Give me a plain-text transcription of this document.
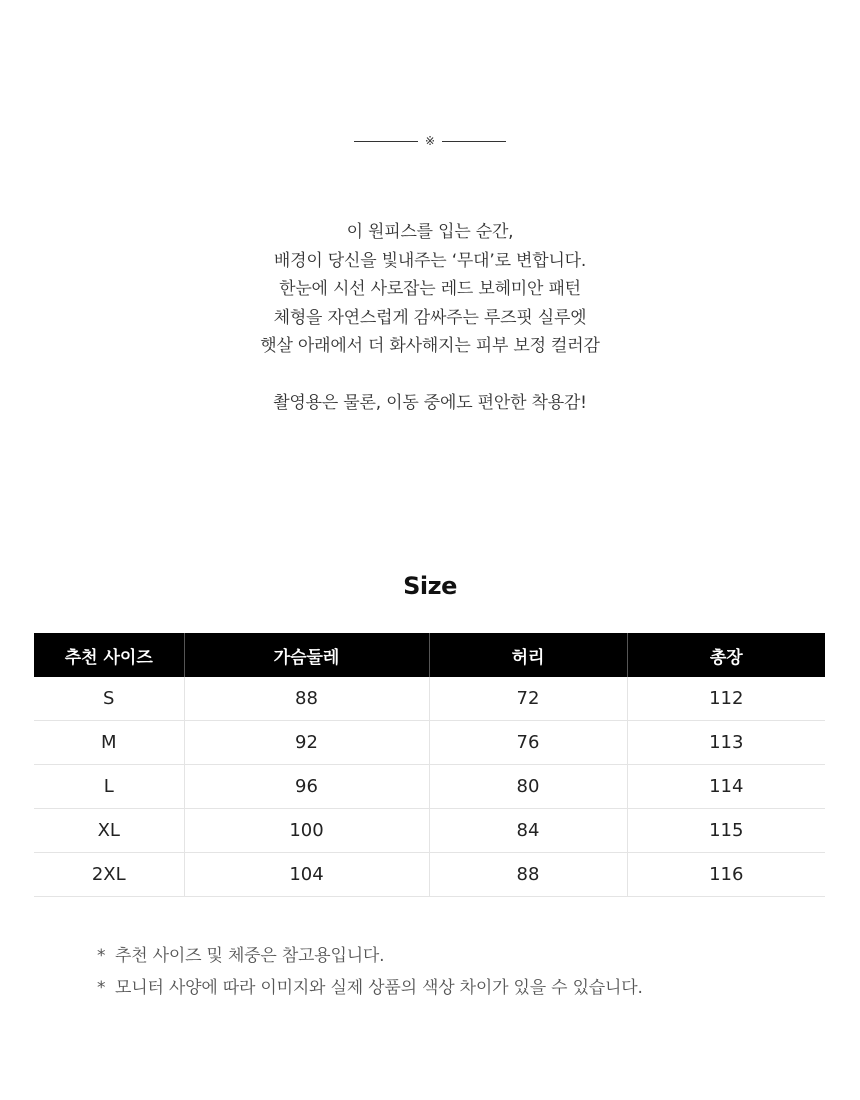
※
이 원피스를 입는 순간,
배경이 당신을 빛내주는 ‘무대’로 변합니다.
한눈에 시선 사로잡는 레드 보헤미안 패턴
체형을 자연스럽게 감싸주는 루즈핏 실루엣
햇살 아래에서 더 화사해지는 피부 보정 컬러감
촬영용은 물론, 이동 중에도 편안한 착용감!
Size
추천 사이즈	가슴둘레	허리	총장
S	88	72	112
M	92	76	113
L	96	80	114
XL	100	84	115
2XL	104	88	116
* 추천 사이즈 및 체중은 참고용입니다.
* 모니터 사양에 따라 이미지와 실제 상품의 색상 차이가 있을 수 있습니다.
